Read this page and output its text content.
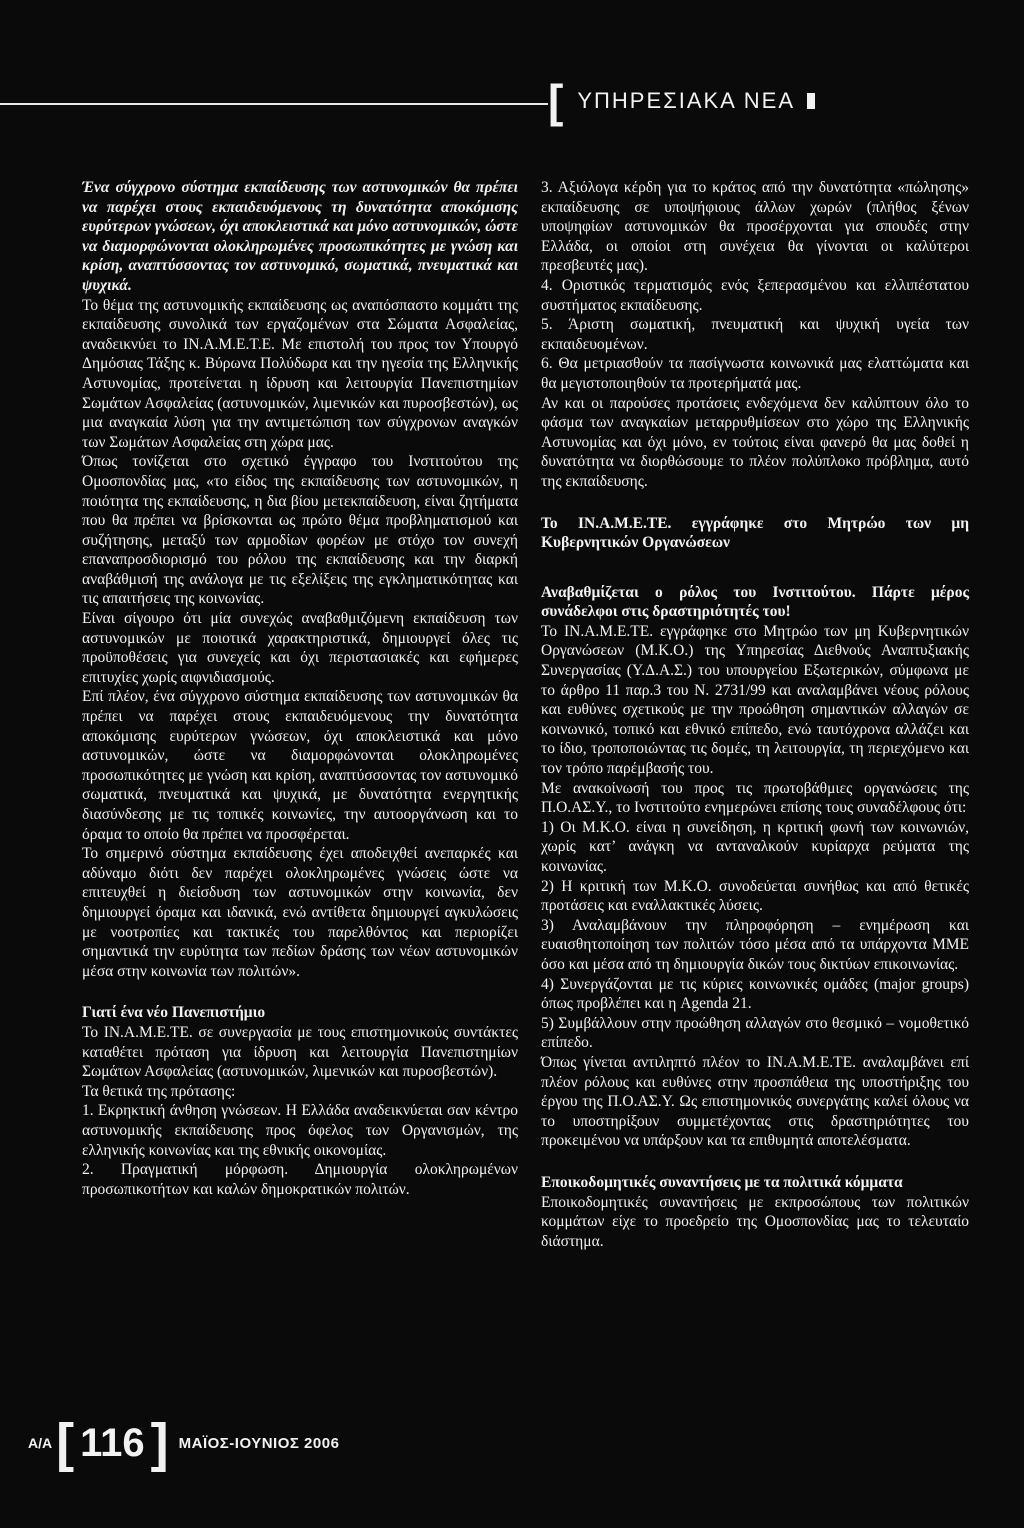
[ ΥΠΗΡΕΣΙΑΚΑ ΝΕΑ

Ένα σύγχρονο σύστημα εκπαίδευσης των αστυνομικών θα πρέπει να παρέχει στους εκπαιδευόμενους τη δυνατότητα αποκόμισης ευρύτερων γνώσεων, όχι αποκλειστικά και μόνο αστυνομικών, ώστε να διαμορφώνονται ολοκληρωμένες προσωπικότητες με γνώση και κρίση, αναπτύσσοντας τον αστυνομικό, σωματικά, πνευματικά και ψυχικά.

Το θέμα της αστυνομικής εκπαίδευσης ως αναπόσπαστο κομμάτι της εκπαίδευσης συνολικά των εργαζομένων στα Σώματα Ασφαλείας, αναδεικνύει το ΙΝ.Α.Μ.Ε.Τ.Ε. Με επιστολή του προς τον Υπουργό Δημόσιας Τάξης κ. Βύρωνα Πολύδωρα και την ηγεσία της Ελληνικής Αστυνομίας, προτείνεται η ίδρυση και λειτουργία Πανεπιστημίων Σωμάτων Ασφαλείας (αστυνομικών, λιμενικών και πυροσβεστών), ως μια αναγκαία λύση για την αντιμετώπιση των σύγχρονων αναγκών των Σωμάτων Ασφαλείας στη χώρα μας.

Όπως τονίζεται στο σχετικό έγγραφο του Ινστιτούτου της Ομοσπονδίας μας, «το είδος της εκπαίδευσης των αστυνομικών, η ποιότητα της εκπαίδευσης, η δια βίου μετεκπαίδευση, είναι ζητήματα που θα πρέπει να βρίσκονται ως πρώτο θέμα προβληματισμού και συζήτησης, μεταξύ των αρμοδίων φορέων με στόχο τον συνεχή επαναπροσδιορισμό του ρόλου της εκπαίδευσης και την διαρκή αναβάθμισή της ανάλογα με τις εξελίξεις της εγκληματικότητας και τις απαιτήσεις της κοινωνίας.

Είναι σίγουρο ότι μία συνεχώς αναβαθμιζόμενη εκπαίδευση των αστυνομικών με ποιοτικά χαρακτηριστικά, δημιουργεί όλες τις προϋποθέσεις για συνεχείς και όχι περιστασιακές και εφήμερες επιτυχίες χωρίς αιφνιδιασμούς.

Επί πλέον, ένα σύγχρονο σύστημα εκπαίδευσης των αστυνομικών θα πρέπει να παρέχει στους εκπαιδευόμενους την δυνατότητα αποκόμισης ευρύτερων γνώσεων, όχι αποκλειστικά και μόνο αστυνομικών, ώστε να διαμορφώνονται ολοκληρωμένες προσωπικότητες με γνώση και κρίση, αναπτύσσοντας τον αστυνομικό σωματικά, πνευματικά και ψυχικά, με δυνατότητα ενεργητικής διασύνδεσης με τις τοπικές κοινωνίες, την αυτοοργάνωση και το όραμα το οποίο θα πρέπει να προσφέρεται.

Το σημερινό σύστημα εκπαίδευσης έχει αποδειχθεί ανεπαρκές και αδύναμο διότι δεν παρέχει ολοκληρωμένες γνώσεις ώστε να επιτευχθεί η διείσδυση των αστυνομικών στην κοινωνία, δεν δημιουργεί όραμα και ιδανικά, ενώ αντίθετα δημιουργεί αγκυλώσεις με νοοτροπίες και τακτικές του παρελθόντος και περιορίζει σημαντικά την ευρύτητα των πεδίων δράσης των νέων αστυνομικών μέσα στην κοινωνία των πολιτών».

Γιατί ένα νέο Πανεπιστήμιο

Το ΙΝ.Α.Μ.Ε.ΤΕ. σε συνεργασία με τους επιστημονικούς συντάκτες καταθέτει πρόταση για ίδρυση και λειτουργία Πανεπιστημίων Σωμάτων Ασφαλείας (αστυνομικών, λιμενικών και πυροσβεστών).

Τα θετικά της πρότασης:

1. Εκρηκτική άνθηση γνώσεων. Η Ελλάδα αναδεικνύεται σαν κέντρο αστυνομικής εκπαίδευσης προς όφελος των Οργανισμών, της ελληνικής κοινωνίας και της εθνικής οικονομίας.

2. Πραγματική μόρφωση. Δημιουργία ολοκληρωμένων προσωπικοτήτων και καλών δημοκρατικών πολιτών.

3. Αξιόλογα κέρδη για το κράτος από την δυνατότητα «πώλησης» εκπαίδευσης σε υποψήφιους άλλων χωρών (πλήθος ξένων υποψηφίων αστυνομικών θα προσέρχονται για σπουδές στην Ελλάδα, οι οποίοι στη συνέχεια θα γίνονται οι καλύτεροι πρεσβευτές μας).

4. Οριστικός τερματισμός ενός ξεπερασμένου και ελλιπέστατου συστήματος εκπαίδευσης.

5. Άριστη σωματική, πνευματική και ψυχική υγεία των εκπαιδευομένων.

6. Θα μετριασθούν τα πασίγνωστα κοινωνικά μας ελαττώματα και θα μεγιστοποιηθούν τα προτερήματά μας.

Αν και οι παρούσες προτάσεις ενδεχόμενα δεν καλύπτουν όλο το φάσμα των αναγκαίων μεταρρυθμίσεων στο χώρο της Ελληνικής Αστυνομίας και όχι μόνο, εν τούτοις είναι φανερό θα μας δοθεί η δυνατότητα να διορθώσουμε το πλέον πολύπλοκο πρόβλημα, αυτό της εκπαίδευσης.

Το ΙΝ.Α.Μ.Ε.ΤΕ. εγγράφηκε στο Μητρώο των μη Κυβερνητικών Οργανώσεων

Αναβαθμίζεται ο ρόλος του Ινστιτούτου. Πάρτε μέρος συνάδελφοι στις δραστηριότητές του!

Το ΙΝ.Α.Μ.Ε.ΤΕ. εγγράφηκε στο Μητρώο των μη Κυβερνητικών Οργανώσεων (Μ.Κ.Ο.) της Υπηρεσίας Διεθνούς Αναπτυξιακής Συνεργασίας (Υ.Δ.Α.Σ.) του υπουργείου Εξωτερικών, σύμφωνα με το άρθρο 11 παρ.3 του Ν. 2731/99 και αναλαμβάνει νέους ρόλους και ευθύνες σχετικούς με την προώθηση σημαντικών αλλαγών σε κοινωνικό, τοπικό και εθνικό επίπεδο, ενώ ταυτόχρονα αλλάζει και το ίδιο, τροποποιώντας τις δομές, τη λειτουργία, τη περιεχόμενο και τον τρόπο παρέμβασής του.

Με ανακοίνωσή του προς τις πρωτοβάθμιες οργανώσεις της Π.Ο.ΑΣ.Υ., το Ινστιτούτο ενημερώνει επίσης τους συναδέλφους ότι:

1) Οι Μ.Κ.Ο. είναι η συνείδηση, η κριτική φωνή των κοινωνιών, χωρίς κατ’ ανάγκη να ανταναλκούν κυρίαρχα ρεύματα της κοινωνίας.

2) Η κριτική των Μ.Κ.Ο. συνοδεύεται συνήθως και από θετικές προτάσεις και εναλλακτικές λύσεις.

3) Αναλαμβάνουν την πληροφόρηση – ενημέρωση και ευαισθητοποίηση των πολιτών τόσο μέσα από τα υπάρχοντα ΜΜΕ όσο και μέσα από τη δημιουργία δικών τους δικτύων επικοινωνίας.

4) Συνεργάζονται με τις κύριες κοινωνικές ομάδες (major groups) όπως προβλέπει και η Agenda 21.

5) Συμβάλλουν στην προώθηση αλλαγών στο θεσμικό – νομοθετικό επίπεδο.

Όπως γίνεται αντιληπτό πλέον το ΙΝ.Α.Μ.Ε.ΤΕ. αναλαμβάνει επί πλέον ρόλους και ευθύνες στην προσπάθεια της υποστήριξης του έργου της Π.Ο.ΑΣ.Υ. Ως επιστημονικός συνεργάτης καλεί όλους να το υποστηρίξουν συμμετέχοντας στις δραστηριότητες του προκειμένου να υπάρξουν και τα επιθυμητά αποτελέσματα.

Εποικοδομητικές συναντήσεις με τα πολιτικά κόμματα

Εποικοδομητικές συναντήσεις με εκπροσώπους των πολιτικών κομμάτων είχε το προεδρείο της Ομοσπονδίας μας το τελευταίο διάστημα.

Α/Α [ 116 ] ΜΑΪΟΣ-ΙΟΥΝΙΟΣ 2006
